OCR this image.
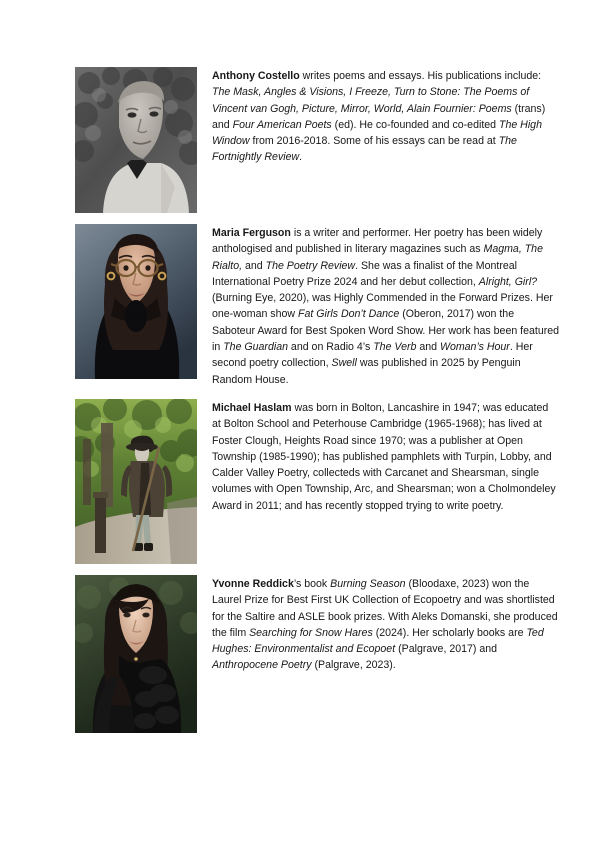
Anthony Costello writes poems and essays. His publications include: The Mask, Angles & Visions, I Freeze, Turn to Stone: The Poems of Vincent van Gogh, Picture, Mirror, World, Alain Fournier: Poems (trans) and Four American Poets (ed). He co-founded and co-edited The High Window from 2016-2018. Some of his essays can be read at The Fortnightly Review.
Maria Ferguson is a writer and performer. Her poetry has been widely anthologised and published in literary magazines such as Magma, The Rialto, and The Poetry Review. She was a finalist of the Montreal International Poetry Prize 2024 and her debut collection, Alright, Girl? (Burning Eye, 2020), was Highly Commended in the Forward Prizes. Her one-woman show Fat Girls Don’t Dance (Oberon, 2017) won the Saboteur Award for Best Spoken Word Show. Her work has been featured in The Guardian and on Radio 4’s The Verb and Woman’s Hour. Her second poetry collection, Swell was published in 2025 by Penguin Random House.
Michael Haslam was born in Bolton, Lancashire in 1947; was educated at Bolton School and Peterhouse Cambridge (1965-1968); has lived at Foster Clough, Heights Road since 1970; was a publisher at Open Township (1985-1990); has published pamphlets with Turpin, Lobby, and Calder Valley Poetry, collecteds with Carcanet and Shearsman, single volumes with Open Township, Arc, and Shearsman; won a Cholmondeley Award in 2011; and has recently stopped trying to write poetry.
Yvonne Reddick’s book Burning Season (Bloodaxe, 2023) won the Laurel Prize for Best First UK Collection of Ecopoetry and was shortlisted for the Saltire and ASLE book prizes. With Aleks Domanski, she produced the film Searching for Snow Hares (2024). Her scholarly books are Ted Hughes: Environmentalist and Ecopoet (Palgrave, 2017) and Anthropocene Poetry (Palgrave, 2023).
